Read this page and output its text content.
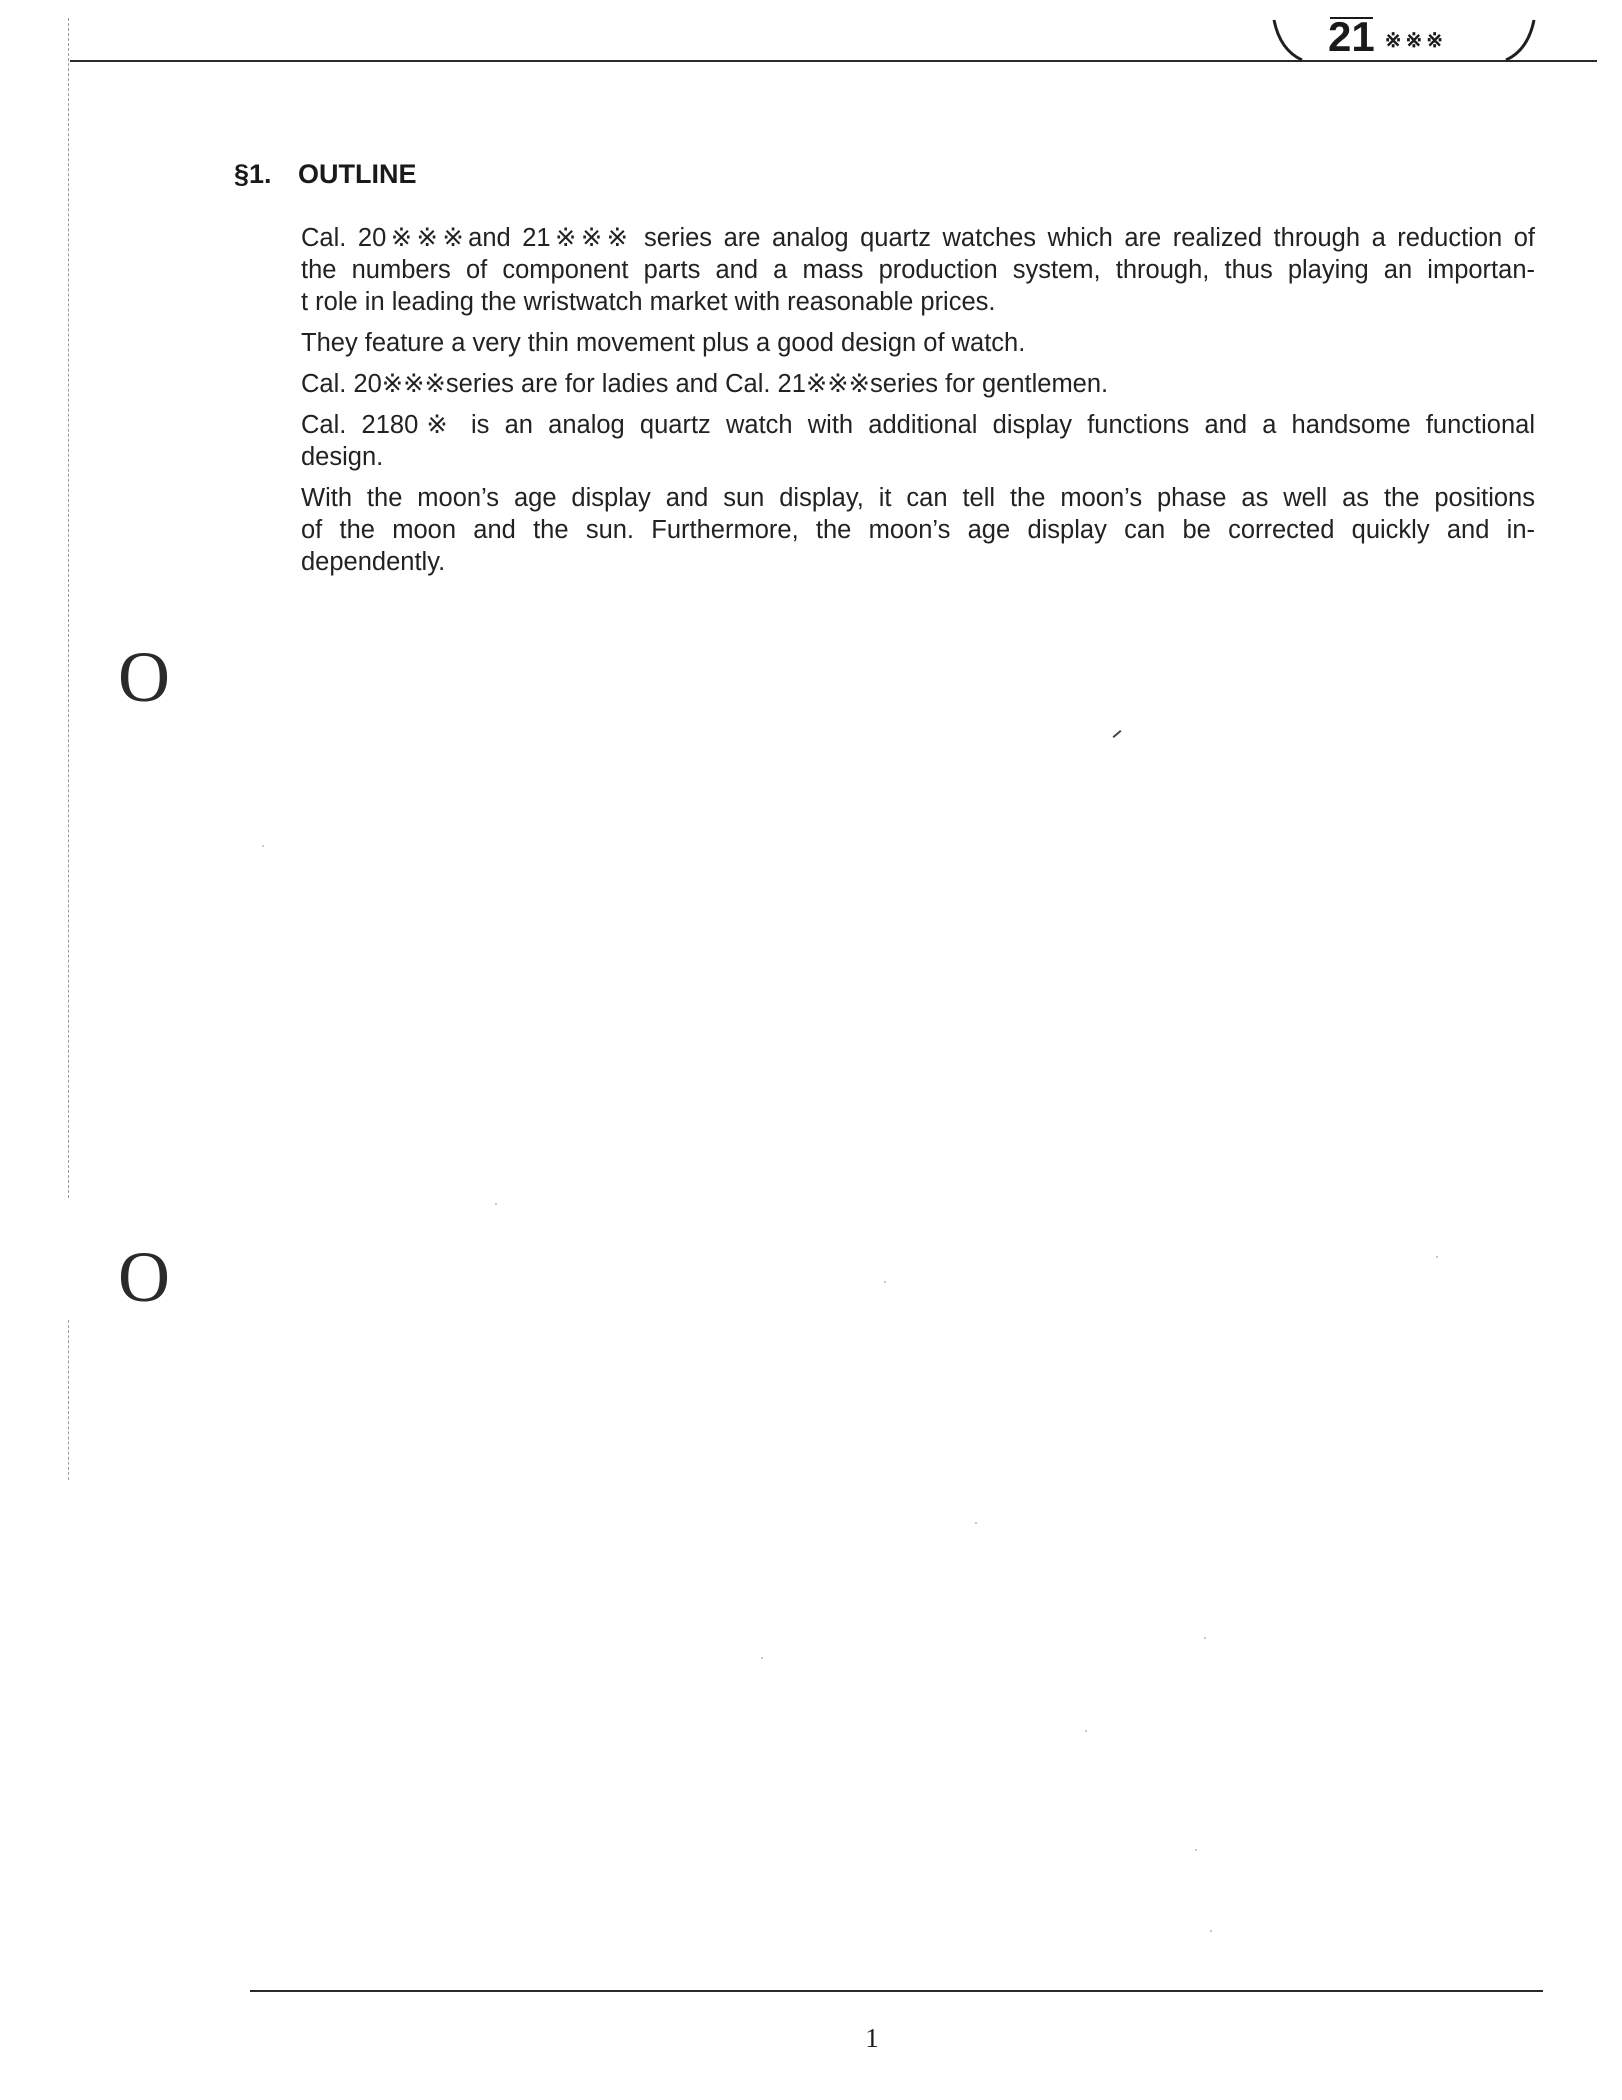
O
O
21 ※※※
§1. OUTLINE
Cal. 20※※※and 21※※※ series are analog quartz watches which are realized through a reduction of
the numbers of component parts and a mass production system, through, thus playing an importan-
t role in leading the wristwatch market with reasonable prices.
They feature a very thin movement plus a good design of watch.
Cal. 20※※※series are for ladies and Cal. 21※※※series for gentlemen.
Cal. 2180※ is an analog quartz watch with additional display functions and a handsome functional
design.
With the moon’s age display and sun display, it can tell the moon’s phase as well as the positions
of the moon and the sun. Furthermore, the moon’s age display can be corrected quickly and in-
dependently.
1
